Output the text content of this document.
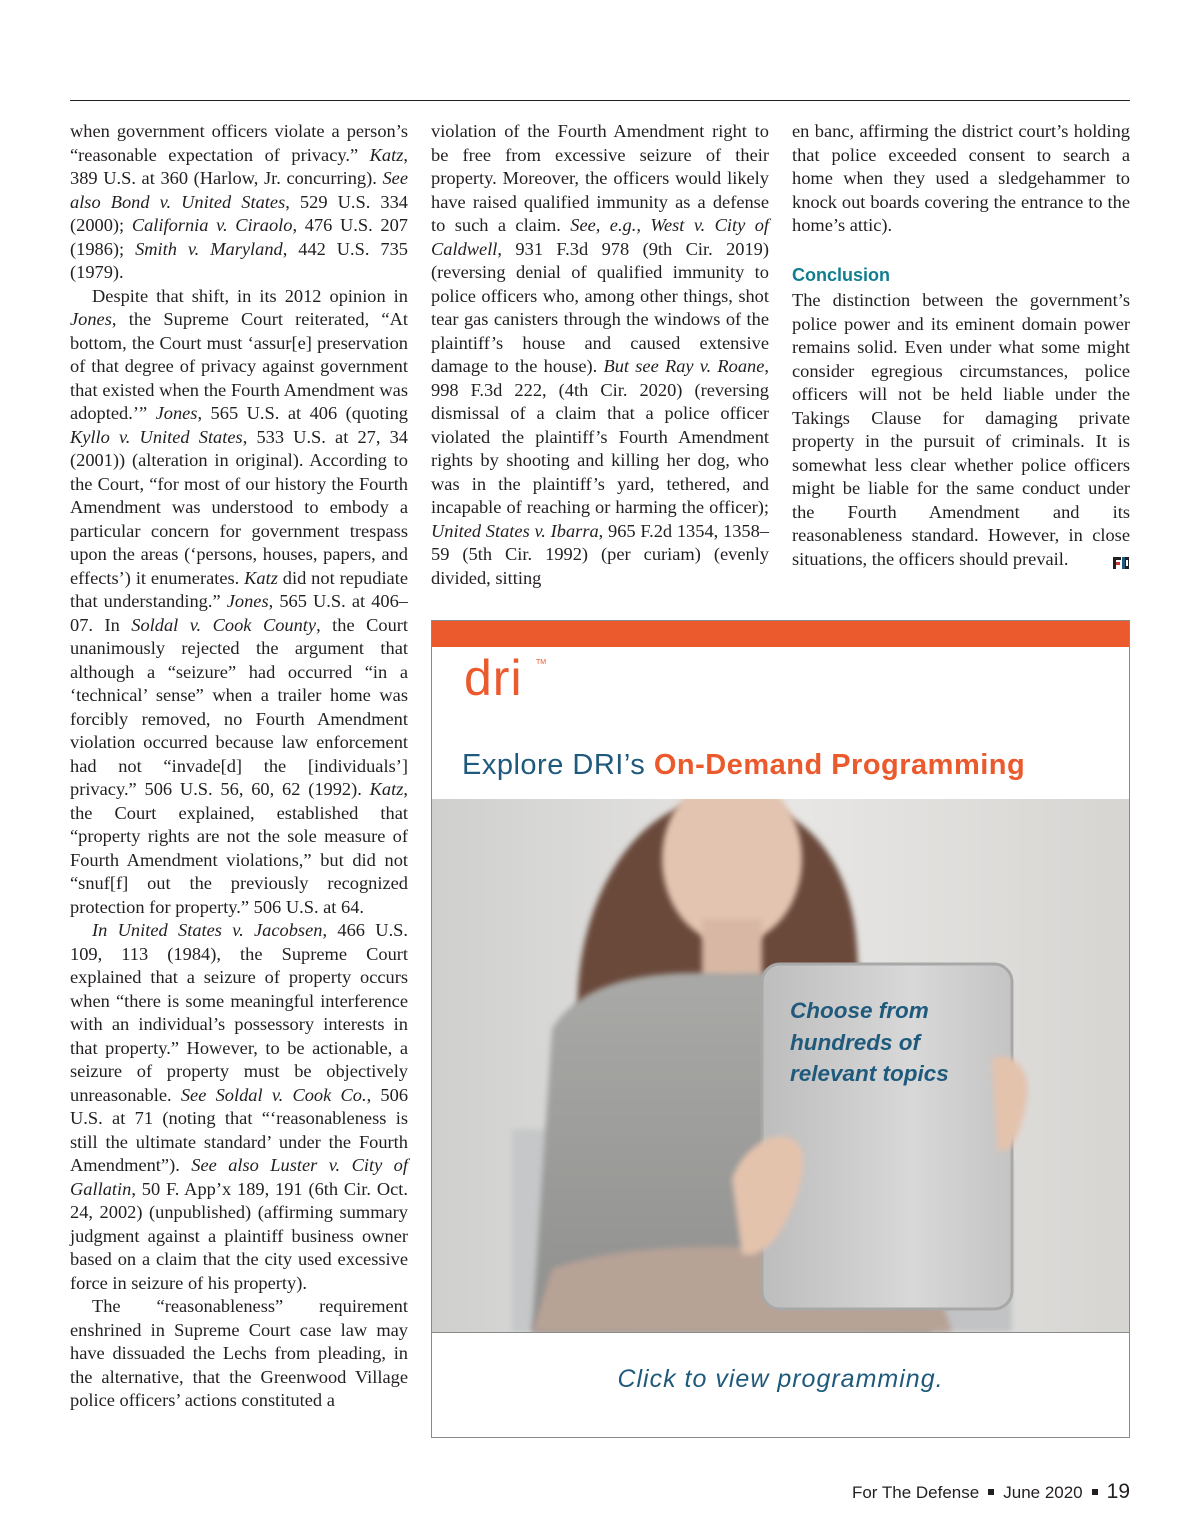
when government officers violate a person’s “reasonable expectation of privacy.” Katz, 389 U.S. at 360 (Harlow, Jr. concurring). See also Bond v. United States, 529 U.S. 334 (2000); California v. Ciraolo, 476 U.S. 207 (1986); Smith v. Maryland, 442 U.S. 735 (1979).

Despite that shift, in its 2012 opinion in Jones, the Supreme Court reiterated, “At bottom, the Court must ‘assur[e] preservation of that degree of privacy against government that existed when the Fourth Amendment was adopted.’” Jones, 565 U.S. at 406 (quoting Kyllo v. United States, 533 U.S. at 27, 34 (2001)) (alteration in original). According to the Court, “for most of our history the Fourth Amendment was understood to embody a particular concern for government trespass upon the areas (‘persons, houses, papers, and effects’) it enumerates. Katz did not repudiate that understanding.” Jones, 565 U.S. at 406–07. In Soldal v. Cook County, the Court unanimously rejected the argument that although a “seizure” had occurred “in a ‘technical’ sense” when a trailer home was forcibly removed, no Fourth Amendment violation occurred because law enforcement had not “invade[d] the [individuals’] privacy.” 506 U.S. 56, 60, 62 (1992). Katz, the Court explained, established that “property rights are not the sole measure of Fourth Amendment violations,” but did not “snuf[f] out the previously recognized protection for property.” 506 U.S. at 64.

In United States v. Jacobsen, 466 U.S. 109, 113 (1984), the Supreme Court explained that a seizure of property occurs when “there is some meaningful interference with an individual’s possessory interests in that property.” However, to be actionable, a seizure of property must be objectively unreasonable. See Soldal v. Cook Co., 506 U.S. at 71 (noting that “‘reasonableness is still the ultimate standard’ under the Fourth Amendment”). See also Luster v. City of Gallatin, 50 F. App’x 189, 191 (6th Cir. Oct. 24, 2002) (unpublished) (affirming summary judgment against a plaintiff business owner based on a claim that the city used excessive force in seizure of his property).

The “reasonableness” requirement enshrined in Supreme Court case law may have dissuaded the Lechs from pleading, in the alternative, that the Greenwood Village police officers’ actions constituted a

violation of the Fourth Amendment right to be free from excessive seizure of their property. Moreover, the officers would likely have raised qualified immunity as a defense to such a claim. See, e.g., West v. City of Caldwell, 931 F.3d 978 (9th Cir. 2019) (reversing denial of qualified immunity to police officers who, among other things, shot tear gas canisters through the windows of the plaintiff’s house and caused extensive damage to the house). But see Ray v. Roane, 998 F.3d 222, (4th Cir. 2020) (reversing dismissal of a claim that a police officer violated the plaintiff’s Fourth Amendment rights by shooting and killing her dog, who was in the plaintiff’s yard, tethered, and incapable of reaching or harming the officer); United States v. Ibarra, 965 F.2d 1354, 1358–59 (5th Cir. 1992) (per curiam) (evenly divided, sitting

en banc, affirming the district court’s holding that police exceeded consent to search a home when they used a sledgehammer to knock out boards covering the entrance to the home’s attic).

Conclusion

The distinction between the government’s police power and its eminent domain power remains solid. Even under what some might consider egregious circumstances, police officers will not be held liable under the Takings Clause for damaging private property in the pursuit of criminals. It is somewhat less clear whether police officers might be liable for the same conduct under the Fourth Amendment and its reasonableness standard. However, in close situations, the officers should prevail.

dri TM
Explore DRI’s On-Demand Programming
Choose from hundreds of relevant topics
Click to view programming.
For The Defense June 2020 19
